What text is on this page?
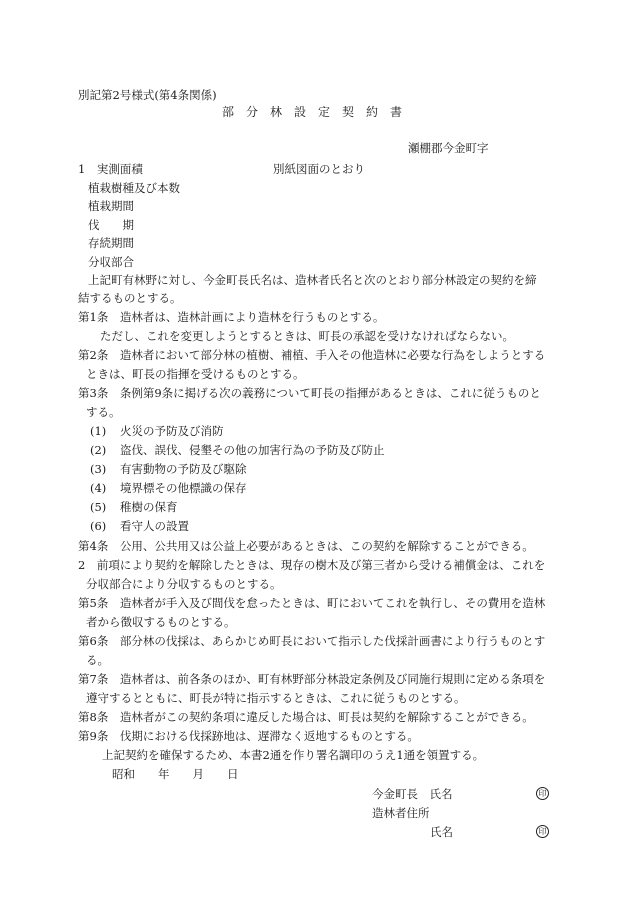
別記第2号様式(第4条関係)
部　分　林　設　定　契　約　書
瀬棚郡今金町字
1　実測面積	別紙図面のとおり
植栽樹種及び本数
植栽期間
伐　　期
存続期間
分収部合
上記町有林野に対し、今金町長氏名は、造林者氏名と次のとおり部分林設定の契約を締
結するものとする。
第1条　造林者は、造林計画により造林を行うものとする。
ただし、これを変更しようとするときは、町長の承認を受けなければならない。
第2条　造林者において部分林の植樹、補植、手入その他造林に必要な行為をしようとする
ときは、町長の指揮を受けるものとする。
第3条　条例第9条に掲げる次の義務について町長の指揮があるときは、これに従うものと
する。
(1) 火災の予防及び消防
(2) 盗伐、誤伐、侵墾その他の加害行為の予防及び防止
(3) 有害動物の予防及び駆除
(4) 境界標その他標識の保存
(5) 稚樹の保育
(6) 看守人の設置
第4条　公用、公共用又は公益上必要があるときは、この契約を解除することができる。
2　前項により契約を解除したときは、現存の樹木及び第三者から受ける補償金は、これを
分収部合により分収するものとする。
第5条　造林者が手入及び間伐を怠ったときは、町においてこれを執行し、その費用を造林
者から徴収するものとする。
第6条　部分林の伐採は、あらかじめ町長において指示した伐採計画書により行うものとす
る。
第7条　造林者は、前各条のほか、町有林野部分林設定条例及び同施行規則に定める条項を
遵守するとともに、町長が特に指示するときは、これに従うものとする。
第8条　造林者がこの契約条項に違反した場合は、町長は契約を解除することができる。
第9条　伐期における伐採跡地は、遅滞なく返地するものとする。
上記契約を確保するため、本書2通を作り署名調印のうえ1通を領置する。
昭和　　年　　月　　日
今金町長　氏名	印
造林者住所
氏名	印
